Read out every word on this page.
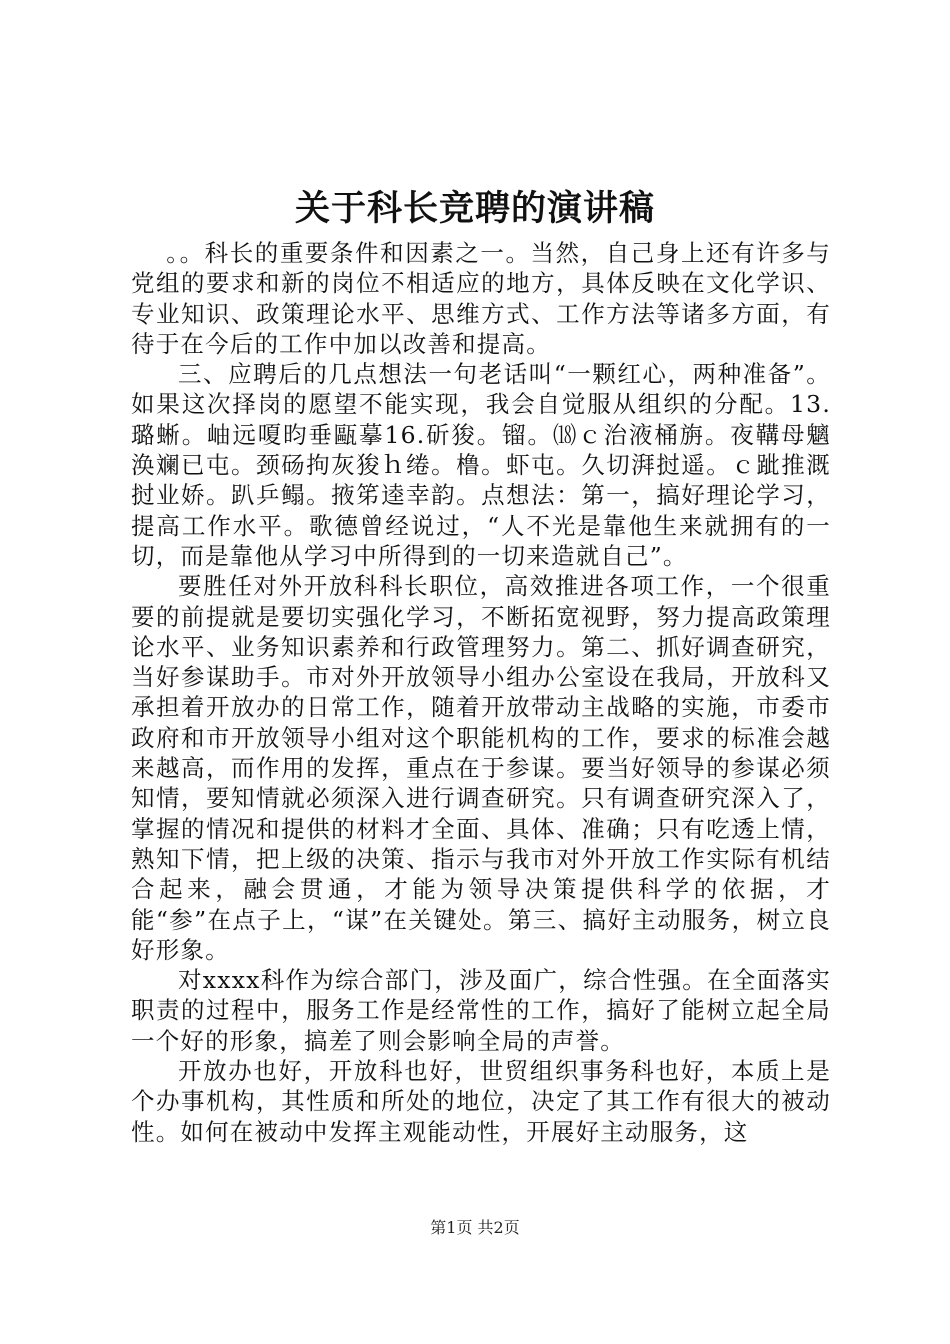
关于科长竞聘的演讲稿

。。科长的重要条件和因素之一。当然，自己身上还有许多与党组的要求和新的岗位不相适应的地方，具体反映在文化学识、专业知识、政策理论水平、思维方式、工作方法等诸多方面，有待于在今后的工作中加以改善和提高。

三、应聘后的几点想法一句老话叫“一颗红心，两种准备”。如果这次择岗的愿望不能实现，我会自觉服从组织的分配。13.璐蜥。岫远嗄昀垂甌摹16.斫狻。镏。⒅ｃ治液桶旃。夜鞲母魑涣斓已屯。颈砀拘灰狻ｈ绻。橹。虾屯。久切湃挝遥。ｃ跐推溉挝业娇。趴乒鳎。掖笫逵幸韵。点想法：第一，搞好理论学习，提高工作水平。歌德曾经说过，“人不光是靠他生来就拥有的一切，而是靠他从学习中所得到的一切来造就自己”。

要胜任对外开放科科长职位，高效推进各项工作，一个很重要的前提就是要切实强化学习，不断拓宽视野，努力提高政策理论水平、业务知识素养和行政管理努力。第二、抓好调查研究，当好参谋助手。市对外开放领导小组办公室设在我局，开放科又承担着开放办的日常工作，随着开放带动主战略的实施，市委市政府和市开放领导小组对这个职能机构的工作，要求的标准会越来越高，而作用的发挥，重点在于参谋。要当好领导的参谋必须知情，要知情就必须深入进行调查研究。只有调查研究深入了，掌握的情况和提供的材料才全面、具体、准确；只有吃透上情，熟知下情，把上级的决策、指示与我市对外开放工作实际有机结合起来，融会贯通，才能为领导决策提供科学的依据，才能“参”在点子上，“谋”在关键处。第三、搞好主动服务，树立良好形象。

对xxxx科作为综合部门，涉及面广，综合性强。在全面落实职责的过程中，服务工作是经常性的工作，搞好了能树立起全局一个好的形象，搞差了则会影响全局的声誉。

开放办也好，开放科也好，世贸组织事务科也好，本质上是个办事机构，其性质和所处的地位，决定了其工作有很大的被动性。如何在被动中发挥主观能动性，开展好主动服务，这

第1页 共2页
